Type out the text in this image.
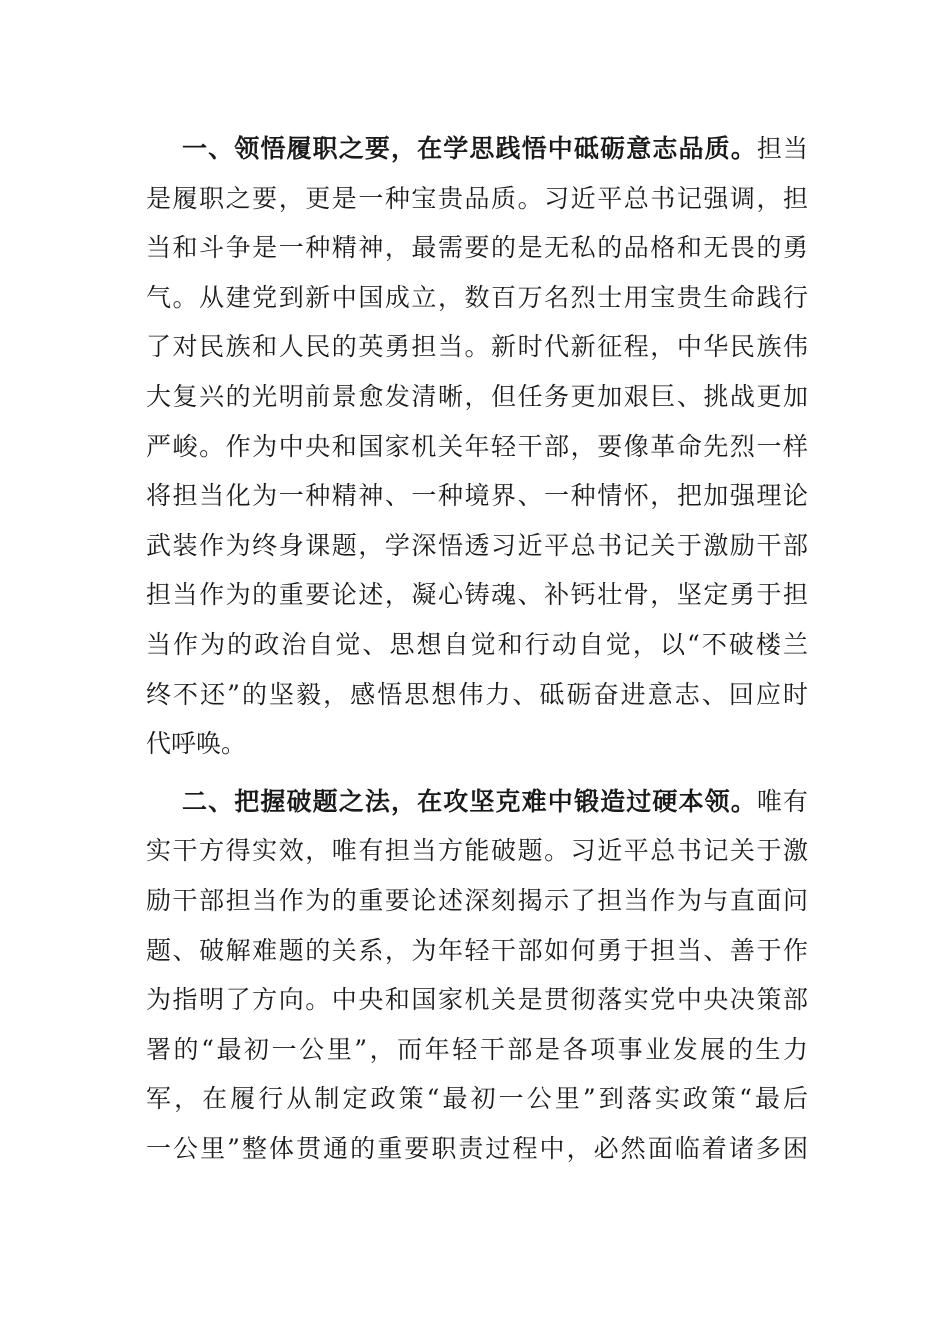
一、领悟履职之要，在学思践悟中砥砺意志品质。担当
是履职之要，更是一种宝贵品质。习近平总书记强调，担
当和斗争是一种精神，最需要的是无私的品格和无畏的勇
气。从建党到新中国成立，数百万名烈士用宝贵生命践行
了对民族和人民的英勇担当。新时代新征程，中华民族伟
大复兴的光明前景愈发清晰，但任务更加艰巨、挑战更加
严峻。作为中央和国家机关年轻干部，要像革命先烈一样
将担当化为一种精神、一种境界、一种情怀，把加强理论
武装作为终身课题，学深悟透习近平总书记关于激励干部
担当作为的重要论述，凝心铸魂、补钙壮骨，坚定勇于担
当作为的政治自觉、思想自觉和行动自觉，以“不破楼兰
终不还”的坚毅，感悟思想伟力、砥砺奋进意志、回应时
代呼唤。
二、把握破题之法，在攻坚克难中锻造过硬本领。唯有
实干方得实效，唯有担当方能破题。习近平总书记关于激
励干部担当作为的重要论述深刻揭示了担当作为与直面问
题、破解难题的关系，为年轻干部如何勇于担当、善于作
为指明了方向。中央和国家机关是贯彻落实党中央决策部
署的“最初一公里”，而年轻干部是各项事业发展的生力
军，在履行从制定政策“最初一公里”到落实政策“最后
一公里”整体贯通的重要职责过程中，必然面临着诸多困
